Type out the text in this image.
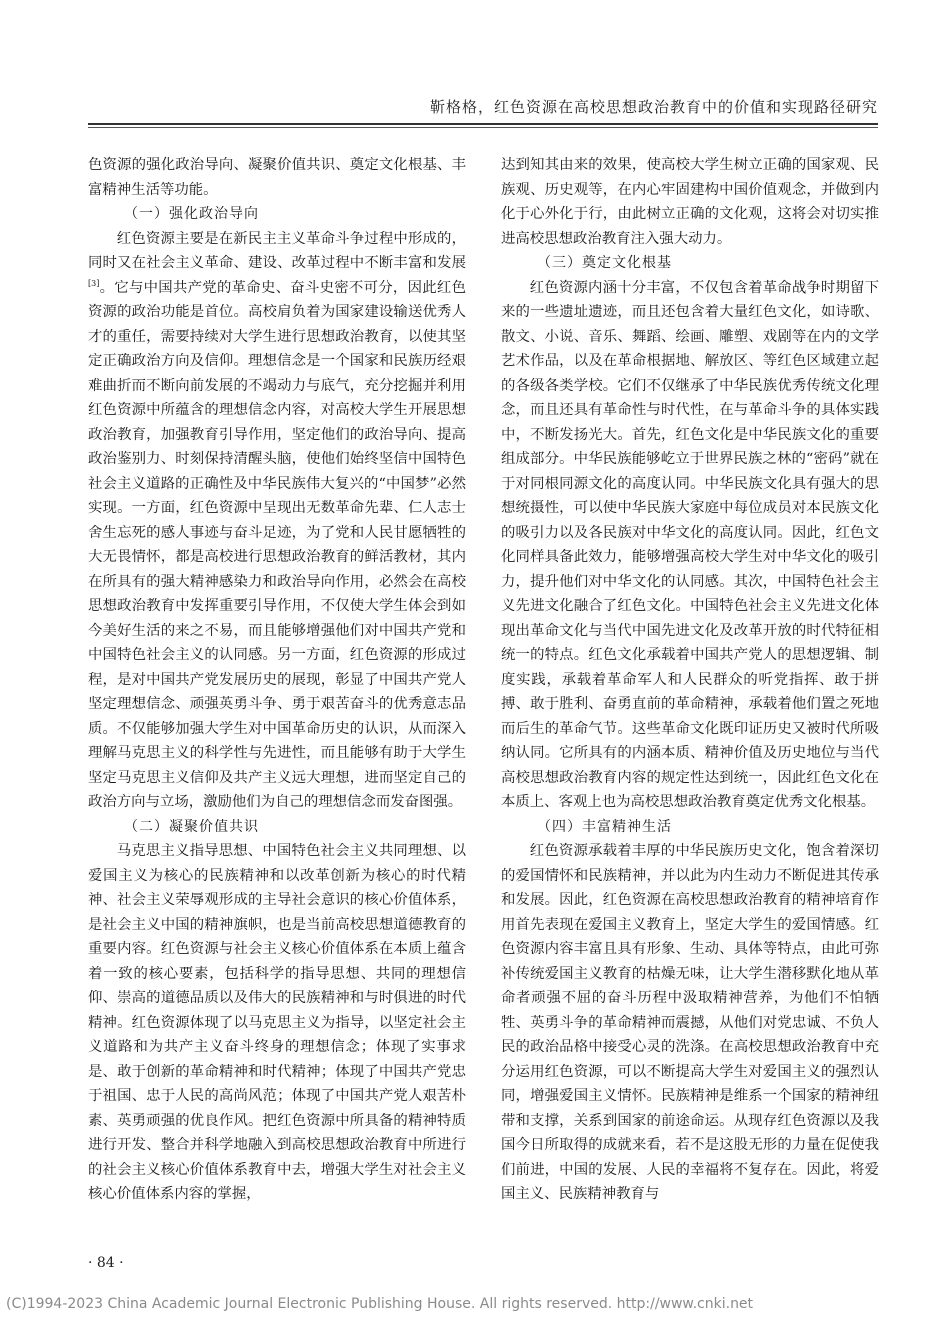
靳格格，红色资源在高校思想政治教育中的价值和实现路径研究

色资源的强化政治导向、凝聚价值共识、奠定文化根基、丰富精神生活等功能。

（一）强化政治导向

红色资源主要是在新民主主义革命斗争过程中形成的，同时又在社会主义革命、建设、改革过程中不断丰富和发展[3]。它与中国共产党的革命史、奋斗史密不可分，因此红色资源的政治功能是首位。高校肩负着为国家建设输送优秀人才的重任，需要持续对大学生进行思想政治教育，以使其坚定正确政治方向及信仰。理想信念是一个国家和民族历经艰难曲折而不断向前发展的不竭动力与底气，充分挖掘并利用红色资源中所蕴含的理想信念内容，对高校大学生开展思想政治教育，加强教育引导作用，坚定他们的政治导向、提高政治鉴别力、时刻保持清醒头脑，使他们始终坚信中国特色社会主义道路的正确性及中华民族伟大复兴的“中国梦”必然实现。一方面，红色资源中呈现出无数革命先辈、仁人志士舍生忘死的感人事迹与奋斗足迹，为了党和人民甘愿牺牲的大无畏情怀，都是高校进行思想政治教育的鲜活教材，其内在所具有的强大精神感染力和政治导向作用，必然会在高校思想政治教育中发挥重要引导作用，不仅使大学生体会到如今美好生活的来之不易，而且能够增强他们对中国共产党和中国特色社会主义的认同感。另一方面，红色资源的形成过程，是对中国共产党发展历史的展现，彰显了中国共产党人坚定理想信念、顽强英勇斗争、勇于艰苦奋斗的优秀意志品质。不仅能够加强大学生对中国革命历史的认识，从而深入理解马克思主义的科学性与先进性，而且能够有助于大学生坚定马克思主义信仰及共产主义远大理想，进而坚定自己的政治方向与立场，激励他们为自己的理想信念而发奋图强。

（二）凝聚价值共识

马克思主义指导思想、中国特色社会主义共同理想、以爱国主义为核心的民族精神和以改革创新为核心的时代精神、社会主义荣辱观形成的主导社会意识的核心价值体系，是社会主义中国的精神旗帜，也是当前高校思想道德教育的重要内容。红色资源与社会主义核心价值体系在本质上蕴含着一致的核心要素，包括科学的指导思想、共同的理想信仰、崇高的道德品质以及伟大的民族精神和与时俱进的时代精神。红色资源体现了以马克思主义为指导，以坚定社会主义道路和为共产主义奋斗终身的理想信念；体现了实事求是、敢于创新的革命精神和时代精神；体现了中国共产党忠于祖国、忠于人民的高尚风范；体现了中国共产党人艰苦朴素、英勇顽强的优良作风。把红色资源中所具备的精神特质进行开发、整合并科学地融入到高校思想政治教育中所进行的社会主义核心价值体系教育中去，增强大学生对社会主义核心价值体系内容的掌握，

达到知其由来的效果，使高校大学生树立正确的国家观、民族观、历史观等，在内心牢固建构中国价值观念，并做到内化于心外化于行，由此树立正确的文化观，这将会对切实推进高校思想政治教育注入强大动力。

（三）奠定文化根基

红色资源内涵十分丰富，不仅包含着革命战争时期留下来的一些遗址遗迹，而且还包含着大量红色文化，如诗歌、散文、小说、音乐、舞蹈、绘画、雕塑、戏剧等在内的文学艺术作品，以及在革命根据地、解放区、等红色区域建立起的各级各类学校。它们不仅继承了中华民族优秀传统文化理念，而且还具有革命性与时代性，在与革命斗争的具体实践中，不断发扬光大。首先，红色文化是中华民族文化的重要组成部分。中华民族能够屹立于世界民族之林的“密码”就在于对同根同源文化的高度认同。中华民族文化具有强大的思想统摄性，可以使中华民族大家庭中每位成员对本民族文化的吸引力以及各民族对中华文化的高度认同。因此，红色文化同样具备此效力，能够增强高校大学生对中华文化的吸引力，提升他们对中华文化的认同感。其次，中国特色社会主义先进文化融合了红色文化。中国特色社会主义先进文化体现出革命文化与当代中国先进文化及改革开放的时代特征相统一的特点。红色文化承载着中国共产党人的思想逻辑、制度实践，承载着革命军人和人民群众的听党指挥、敢于拼搏、敢于胜利、奋勇直前的革命精神，承载着他们置之死地而后生的革命气节。这些革命文化既印证历史又被时代所吸纳认同。它所具有的内涵本质、精神价值及历史地位与当代高校思想政治教育内容的规定性达到统一，因此红色文化在本质上、客观上也为高校思想政治教育奠定优秀文化根基。

（四）丰富精神生活

红色资源承载着丰厚的中华民族历史文化，饱含着深切的爱国情怀和民族精神，并以此为内生动力不断促进其传承和发展。因此，红色资源在高校思想政治教育的精神培育作用首先表现在爱国主义教育上，坚定大学生的爱国情感。红色资源内容丰富且具有形象、生动、具体等特点，由此可弥补传统爱国主义教育的枯燥无味，让大学生潜移默化地从革命者顽强不屈的奋斗历程中汲取精神营养，为他们不怕牺牲、英勇斗争的革命精神而震撼，从他们对党忠诚、不负人民的政治品格中接受心灵的洗涤。在高校思想政治教育中充分运用红色资源，可以不断提高大学生对爱国主义的强烈认同，增强爱国主义情怀。民族精神是维系一个国家的精神纽带和支撑，关系到国家的前途命运。从现存红色资源以及我国今日所取得的成就来看，若不是这股无形的力量在促使我们前进，中国的发展、人民的幸福将不复存在。因此，将爱国主义、民族精神教育与

· 84 ·
(C)1994-2023 China Academic Journal Electronic Publishing House. All rights reserved. http://www.cnki.net
